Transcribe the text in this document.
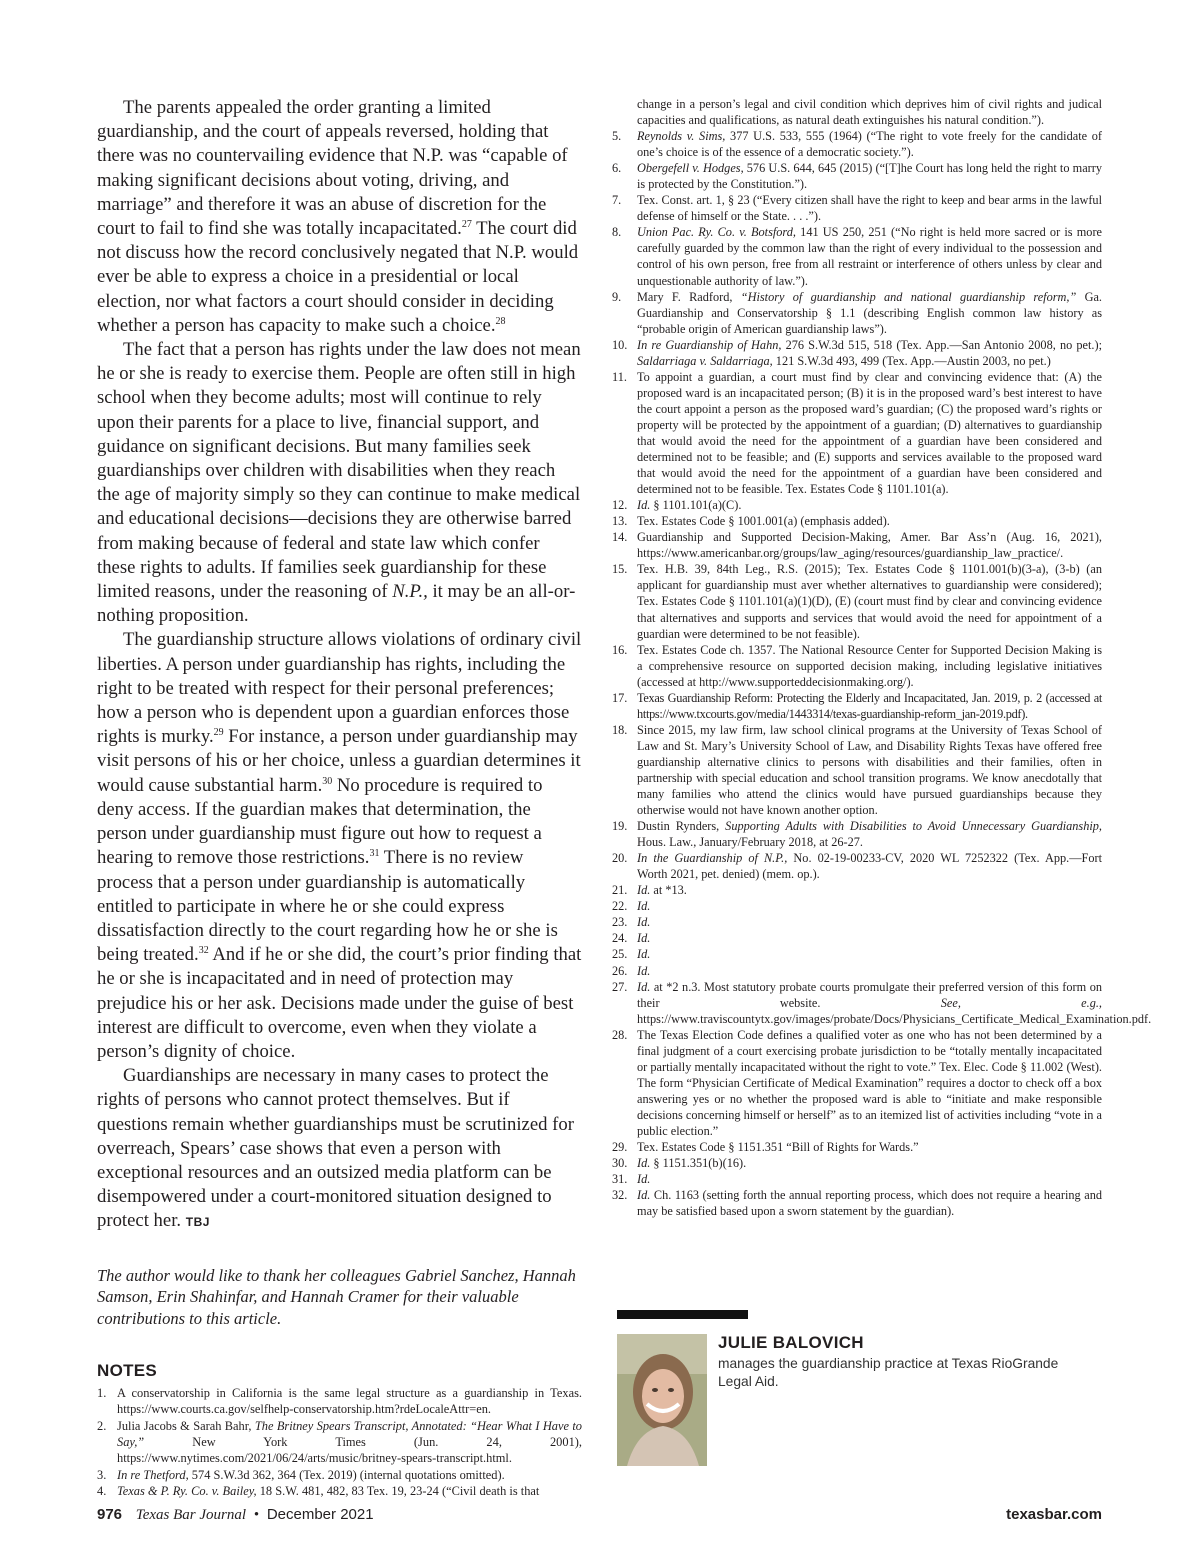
The parents appealed the order granting a limited guardianship, and the court of appeals reversed, holding that there was no countervailing evidence that N.P. was “capable of making significant decisions about voting, driving, and marriage” and therefore it was an abuse of discretion for the court to fail to find she was totally incapacitated.$^{27}$ The court did not discuss how the record conclusively negated that N.P. would ever be able to express a choice in a presidential or local election, nor what factors a court should consider in deciding whether a person has capacity to make such a choice.$^{28}$

The fact that a person has rights under the law does not mean he or she is ready to exercise them. People are often still in high school when they become adults; most will continue to rely upon their parents for a place to live, financial support, and guidance on significant decisions. But many families seek guardianships over children with disabilities when they reach the age of majority simply so they can continue to make medical and educational decisions—decisions they are otherwise barred from making because of federal and state law which confer these rights to adults. If families seek guardianship for these limited reasons, under the reasoning of N.P., it may be an all-or-nothing proposition.

The guardianship structure allows violations of ordinary civil liberties. A person under guardianship has rights, including the right to be treated with respect for their personal preferences; how a person who is dependent upon a guardian enforces those rights is murky.$^{29}$ For instance, a person under guardianship may visit persons of his or her choice, unless a guardian determines it would cause substantial harm.$^{30}$ No procedure is required to deny access. If the guardian makes that determination, the person under guardianship must figure out how to request a hearing to remove those restrictions.$^{31}$ There is no review process that a person under guardianship is automatically entitled to participate in where he or she could express dissatisfaction directly to the court regarding how he or she is being treated.$^{32}$ And if he or she did, the court’s prior finding that he or she is incapacitated and in need of protection may prejudice his or her ask. Decisions made under the guise of best interest are difficult to overcome, even when they violate a person’s dignity of choice.

Guardianships are necessary in many cases to protect the rights of persons who cannot protect themselves. But if questions remain whether guardianships must be scrutinized for overreach, Spears’ case shows that even a person with exceptional resources and an outsized media platform can be disempowered under a court-monitored situation designed to protect her. TBJ

The author would like to thank her colleagues Gabriel Sanchez, Hannah Samson, Erin Shahinfar, and Hannah Cramer for their valuable contributions to this article.
NOTES
1. A conservatorship in California is the same legal structure as a guardianship in Texas. https://www.courts.ca.gov/selfhelp-conservatorship.htm?rdeLocaleAttr=en.
2. Julia Jacobs & Sarah Bahr, The Britney Spears Transcript, Annotated: “Hear What I Have to Say,” New York Times (Jun. 24, 2001), https://www.nytimes.com/2021/06/24/arts/music/britney-spears-transcript.html.
3. In re Thetford, 574 S.W.3d 362, 364 (Tex. 2019) (internal quotations omitted).
4. Texas & P. Ry. Co. v. Bailey, 18 S.W. 481, 482, 83 Tex. 19, 23-24 (“Civil death is that
change in a person’s legal and civil condition which deprives him of civil rights and judical capacities and qualifications, as natural death extinguishes his natural condition.”).
5. Reynolds v. Sims, 377 U.S. 533, 555 (1964) (“The right to vote freely for the candidate of one’s choice is of the essence of a democratic society.”).
6. Obergefell v. Hodges, 576 U.S. 644, 645 (2015) (“[T]he Court has long held the right to marry is protected by the Constitution.”).
7. Tex. Const. art. 1, § 23 (“Every citizen shall have the right to keep and bear arms in the lawful defense of himself or the State. . . .”).
8. Union Pac. Ry. Co. v. Botsford, 141 US 250, 251 (“No right is held more sacred or is more carefully guarded by the common law than the right of every individual to the possession and control of his own person, free from all restraint or interference of others unless by clear and unquestionable authority of law.”).
9. Mary F. Radford, “History of guardianship and national guardianship reform,” Ga. Guardianship and Conservatorship § 1.1 (describing English common law history as “probable origin of American guardianship laws”).
10. In re Guardianship of Hahn, 276 S.W.3d 515, 518 (Tex. App.—San Antonio 2008, no pet.); Saldarriaga v. Saldarriaga, 121 S.W.3d 493, 499 (Tex. App.—Austin 2003, no pet.)
11. To appoint a guardian, a court must find by clear and convincing evidence that: (A) the proposed ward is an incapacitated person; (B) it is in the proposed ward’s best interest to have the court appoint a person as the proposed ward’s guardian; (C) the proposed ward’s rights or property will be protected by the appointment of a guardian; (D) alternatives to guardianship that would avoid the need for the appointment of a guardian have been considered and determined not to be feasible; and (E) supports and services available to the proposed ward that would avoid the need for the appointment of a guardian have been considered and determined not to be feasible. Tex. Estates Code § 1101.101(a).
12. Id. § 1101.101(a)(C).
13. Tex. Estates Code § 1001.001(a) (emphasis added).
14. Guardianship and Supported Decision-Making, Amer. Bar Ass’n (Aug. 16, 2021), https://www.americanbar.org/groups/law_aging/resources/guardianship_law_practice/.
15. Tex. H.B. 39, 84th Leg., R.S. (2015); Tex. Estates Code § 1101.001(b)(3-a), (3-b) (an applicant for guardianship must aver whether alternatives to guardianship were considered); Tex. Estates Code § 1101.101(a)(1)(D), (E) (court must find by clear and convincing evidence that alternatives and supports and services that would avoid the need for appointment of a guardian were determined to be not feasible).
16. Tex. Estates Code ch. 1357. The National Resource Center for Supported Decision Making is a comprehensive resource on supported decision making, including legislative initiatives (accessed at http://www.supporteddecisionmaking.org/).
17. Texas Guardianship Reform: Protecting the Elderly and Incapacitated, Jan. 2019, p. 2 (accessed at https://www.txcourts.gov/media/1443314/texas-guardianship-reform_jan-2019.pdf).
18. Since 2015, my law firm, law school clinical programs at the University of Texas School of Law and St. Mary’s University School of Law, and Disability Rights Texas have offered free guardianship alternative clinics to persons with disabilities and their families, often in partnership with special education and school transition programs. We know anecdotally that many families who attend the clinics would have pursued guardianships because they otherwise would not have known another option.
19. Dustin Rynders, Supporting Adults with Disabilities to Avoid Unnecessary Guardianship, Hous. Law., January/February 2018, at 26-27.
20. In the Guardianship of N.P., No. 02-19-00233-CV, 2020 WL 7252322 (Tex. App.—Fort Worth 2021, pet. denied) (mem. op.).
21. Id. at *13.
22. Id.
23. Id.
24. Id.
25. Id.
26. Id.
27. Id. at *2 n.3. Most statutory probate courts promulgate their preferred version of this form on their website. See, e.g., https://www.traviscountytx.gov/images/probate/Docs/Physicians_Certificate_Medical_Examination.pdf.
28. The Texas Election Code defines a qualified voter as one who has not been determined by a final judgment of a court exercising probate jurisdiction to be “totally mentally incapacitated or partially mentally incapacitated without the right to vote.” Tex. Elec. Code § 11.002 (West). The form “Physician Certificate of Medical Examination” requires a doctor to check off a box answering yes or no whether the proposed ward is able to “initiate and make responsible decisions concerning himself or herself” as to an itemized list of activities including “vote in a public election.”
29. Tex. Estates Code § 1151.351 “Bill of Rights for Wards.”
30. Id. § 1151.351(b)(16).
31. Id.
32. Id. Ch. 1163 (setting forth the annual reporting process, which does not require a hearing and may be satisfied based upon a sworn statement by the guardian).
JULIE BALOVICH
manages the guardianship practice at Texas RioGrande Legal Aid.
976 Texas Bar Journal • December 2021	texasbar.com
